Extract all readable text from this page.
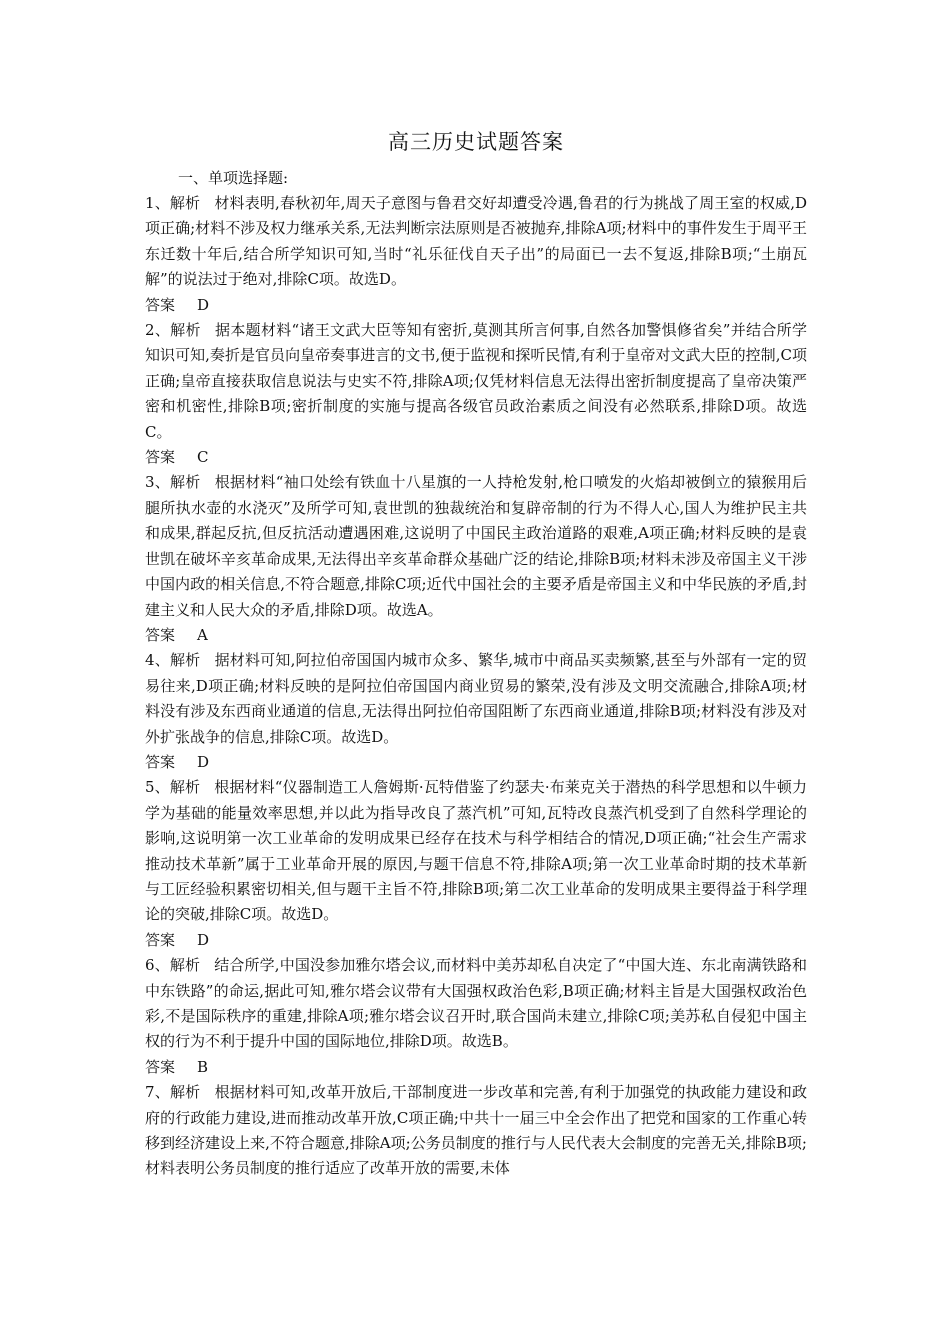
高三历史试题答案

一、单项选择题:

1、解析 材料表明,春秋初年,周天子意图与鲁君交好却遭受冷遇,鲁君的行为挑战了周王室的权威,D项正确;材料不涉及权力继承关系,无法判断宗法原则是否被抛弃,排除A项;材料中的事件发生于周平王东迁数十年后,结合所学知识可知,当时“礼乐征伐自天子出”的局面已一去不复返,排除B项;“土崩瓦解”的说法过于绝对,排除C项。故选D。

答案 D

2、解析 据本题材料“诸王文武大臣等知有密折,莫测其所言何事,自然各加警惧修省矣”并结合所学知识可知,奏折是官员向皇帝奏事进言的文书,便于监视和探听民情,有利于皇帝对文武大臣的控制,C项正确;皇帝直接获取信息说法与史实不符,排除A项;仅凭材料信息无法得出密折制度提高了皇帝决策严密和机密性,排除B项;密折制度的实施与提高各级官员政治素质之间没有必然联系,排除D项。故选C。

答案 C

3、解析 根据材料“袖口处绘有铁血十八星旗的一人持枪发射,枪口喷发的火焰却被倒立的猿猴用后腿所执水壶的水浇灭”及所学可知,袁世凯的独裁统治和复辟帝制的行为不得人心,国人为维护民主共和成果,群起反抗,但反抗活动遭遇困难,这说明了中国民主政治道路的艰难,A项正确;材料反映的是袁世凯在破坏辛亥革命成果,无法得出辛亥革命群众基础广泛的结论,排除B项;材料未涉及帝国主义干涉中国内政的相关信息,不符合题意,排除C项;近代中国社会的主要矛盾是帝国主义和中华民族的矛盾,封建主义和人民大众的矛盾,排除D项。故选A。

答案 A

4、解析 据材料可知,阿拉伯帝国国内城市众多、繁华,城市中商品买卖频繁,甚至与外部有一定的贸易往来,D项正确;材料反映的是阿拉伯帝国国内商业贸易的繁荣,没有涉及文明交流融合,排除A项;材料没有涉及东西商业通道的信息,无法得出阿拉伯帝国阻断了东西商业通道,排除B项;材料没有涉及对外扩张战争的信息,排除C项。故选D。

答案 D

5、解析 根据材料“仪器制造工人詹姆斯·瓦特借鉴了约瑟夫·布莱克关于潜热的科学思想和以牛顿力学为基础的能量效率思想,并以此为指导改良了蒸汽机”可知,瓦特改良蒸汽机受到了自然科学理论的影响,这说明第一次工业革命的发明成果已经存在技术与科学相结合的情况,D项正确;“社会生产需求推动技术革新”属于工业革命开展的原因,与题干信息不符,排除A项;第一次工业革命时期的技术革新与工匠经验积累密切相关,但与题干主旨不符,排除B项;第二次工业革命的发明成果主要得益于科学理论的突破,排除C项。故选D。

答案 D

6、解析 结合所学,中国没参加雅尔塔会议,而材料中美苏却私自决定了“中国大连、东北南满铁路和中东铁路”的命运,据此可知,雅尔塔会议带有大国强权政治色彩,B项正确;材料主旨是大国强权政治色彩,不是国际秩序的重建,排除A项;雅尔塔会议召开时,联合国尚未建立,排除C项;美苏私自侵犯中国主权的行为不利于提升中国的国际地位,排除D项。故选B。

答案 B

7、解析 根据材料可知,改革开放后,干部制度进一步改革和完善,有利于加强党的执政能力建设和政府的行政能力建设,进而推动改革开放,C项正确;中共十一届三中全会作出了把党和国家的工作重心转移到经济建设上来,不符合题意,排除A项;公务员制度的推行与人民代表大会制度的完善无关,排除B项;材料表明公务员制度的推行适应了改革开放的需要,未体
